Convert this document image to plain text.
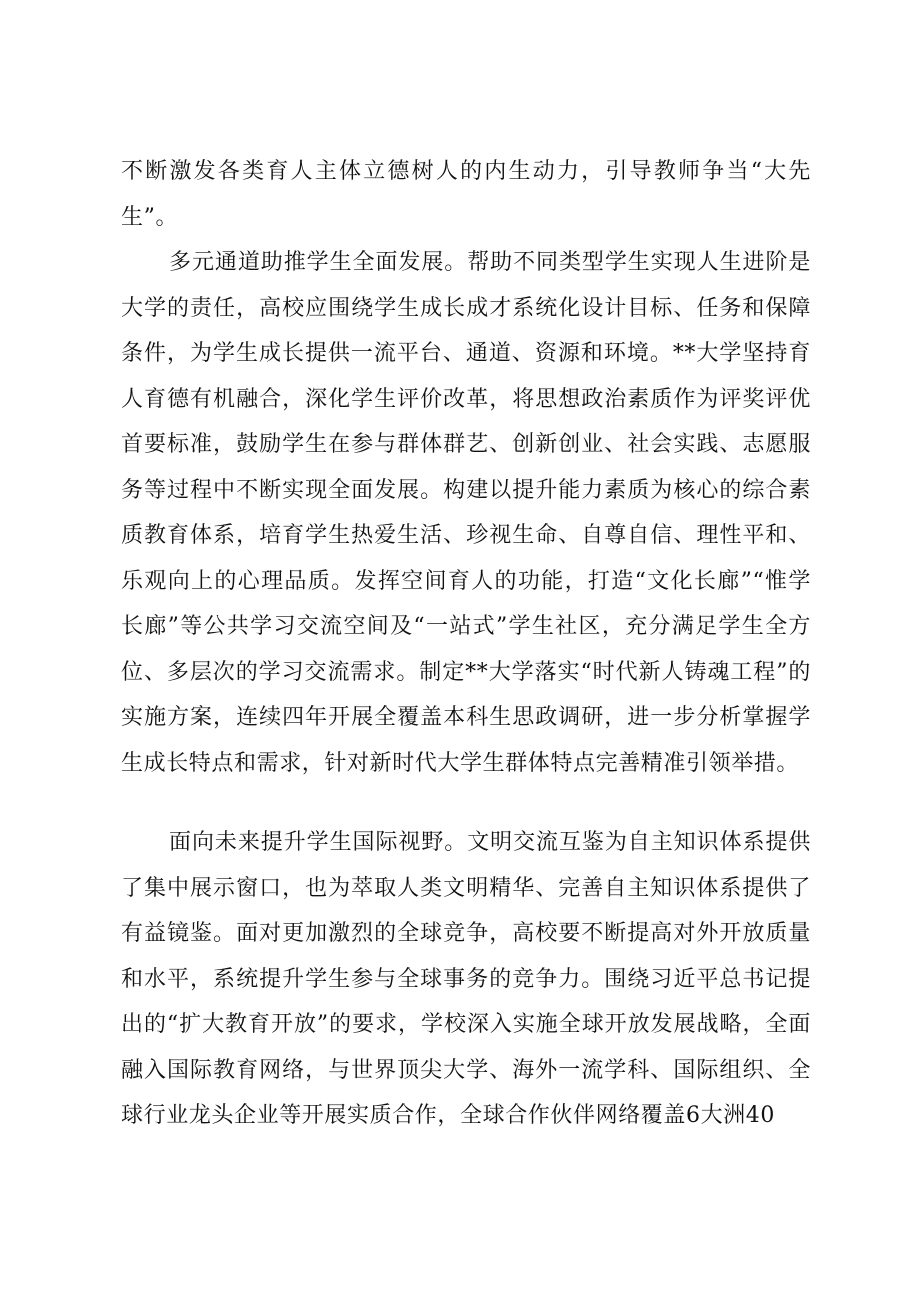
不断激发各类育人主体立德树人的内生动力，引导教师争当“大先生”。

多元通道助推学生全面发展。帮助不同类型学生实现人生进阶是大学的责任，高校应围绕学生成长成才系统化设计目标、任务和保障条件，为学生成长提供一流平台、通道、资源和环境。**大学坚持育人育德有机融合，深化学生评价改革，将思想政治素质作为评奖评优首要标准，鼓励学生在参与群体群艺、创新创业、社会实践、志愿服务等过程中不断实现全面发展。构建以提升能力素质为核心的综合素质教育体系，培育学生热爱生活、珍视生命、自尊自信、理性平和、乐观向上的心理品质。发挥空间育人的功能，打造“文化长廊”“惟学长廊”等公共学习交流空间及“一站式”学生社区，充分满足学生全方位、多层次的学习交流需求。制定**大学落实“时代新人铸魂工程”的实施方案，连续四年开展全覆盖本科生思政调研，进一步分析掌握学生成长特点和需求，针对新时代大学生群体特点完善精准引领举措。

面向未来提升学生国际视野。文明交流互鉴为自主知识体系提供了集中展示窗口，也为萃取人类文明精华、完善自主知识体系提供了有益镜鉴。面对更加激烈的全球竞争，高校要不断提高对外开放质量和水平，系统提升学生参与全球事务的竞争力。围绕习近平总书记提出的“扩大教育开放”的要求，学校深入实施全球开放发展战略，全面融入国际教育网络，与世界顶尖大学、海外一流学科、国际组织、全球行业龙头企业等开展实质合作，全球合作伙伴网络覆盖6大洲40
